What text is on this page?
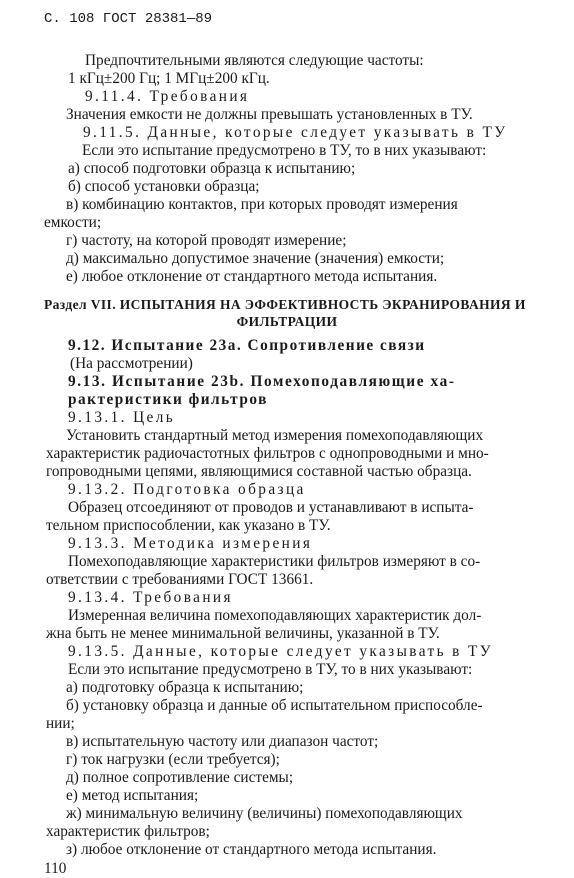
С. 108 ГОСТ 28381—89
Предпочтительными являются следующие частоты:
1 кГц±200 Гц; 1 МГц±200 кГц.
9.11.4. Требования
Значения емкости не должны превышать установленных в ТУ.
9.11.5. Данные, которые следует указывать в ТУ
Если это испытание предусмотрено в ТУ, то в них указывают:
а) способ подготовки образца к испытанию;
б) способ установки образца;
в) комбинацию контактов, при которых проводят измерения
емкости;
г) частоту, на которой проводят измерение;
д) максимально допустимое значение (значения) емкости;
е) любое отклонение от стандартного метода испытания.
Раздел VII. ИСПЫТАНИЯ НА ЭФФЕКТИВНОСТЬ ЭКРАНИРОВАНИЯ И
ФИЛЬТРАЦИИ
9.12. Испытание 23а. Сопротивление связи
(На рассмотрении)
9.13. Испытание 23b. Помехоподавляющие ха-
рактеристики фильтров
9.13.1. Цель
Установить стандартный метод измерения помехоподавляющих
характеристик радиочастотных фильтров с однопроводными и мно-
гопроводными цепями, являющимися составной частью образца.
9.13.2. Подготовка образца
Образец отсоединяют от проводов и устанавливают в испыта-
тельном приспособлении, как указано в ТУ.
9.13.3. Методика измерения
Помехоподавляющие характеристики фильтров измеряют в со-
ответствии с требованиями ГОСТ 13661.
9.13.4. Требования
Измеренная величина помехоподавляющих характеристик дол-
жна быть не менее минимальной величины, указанной в ТУ.
9.13.5. Данные, которые следует указывать в ТУ
Если это испытание предусмотрено в ТУ, то в них указывают:
а) подготовку образца к испытанию;
б) установку образца и данные об испытательном приспособле-
нии;
в) испытательную частоту или диапазон частот;
г) ток нагрузки (если требуется);
д) полное сопротивление системы;
е) метод испытания;
ж) минимальную величину (величины) помехоподавляющих
характеристик фильтров;
з) любое отклонение от стандартного метода испытания.
110
